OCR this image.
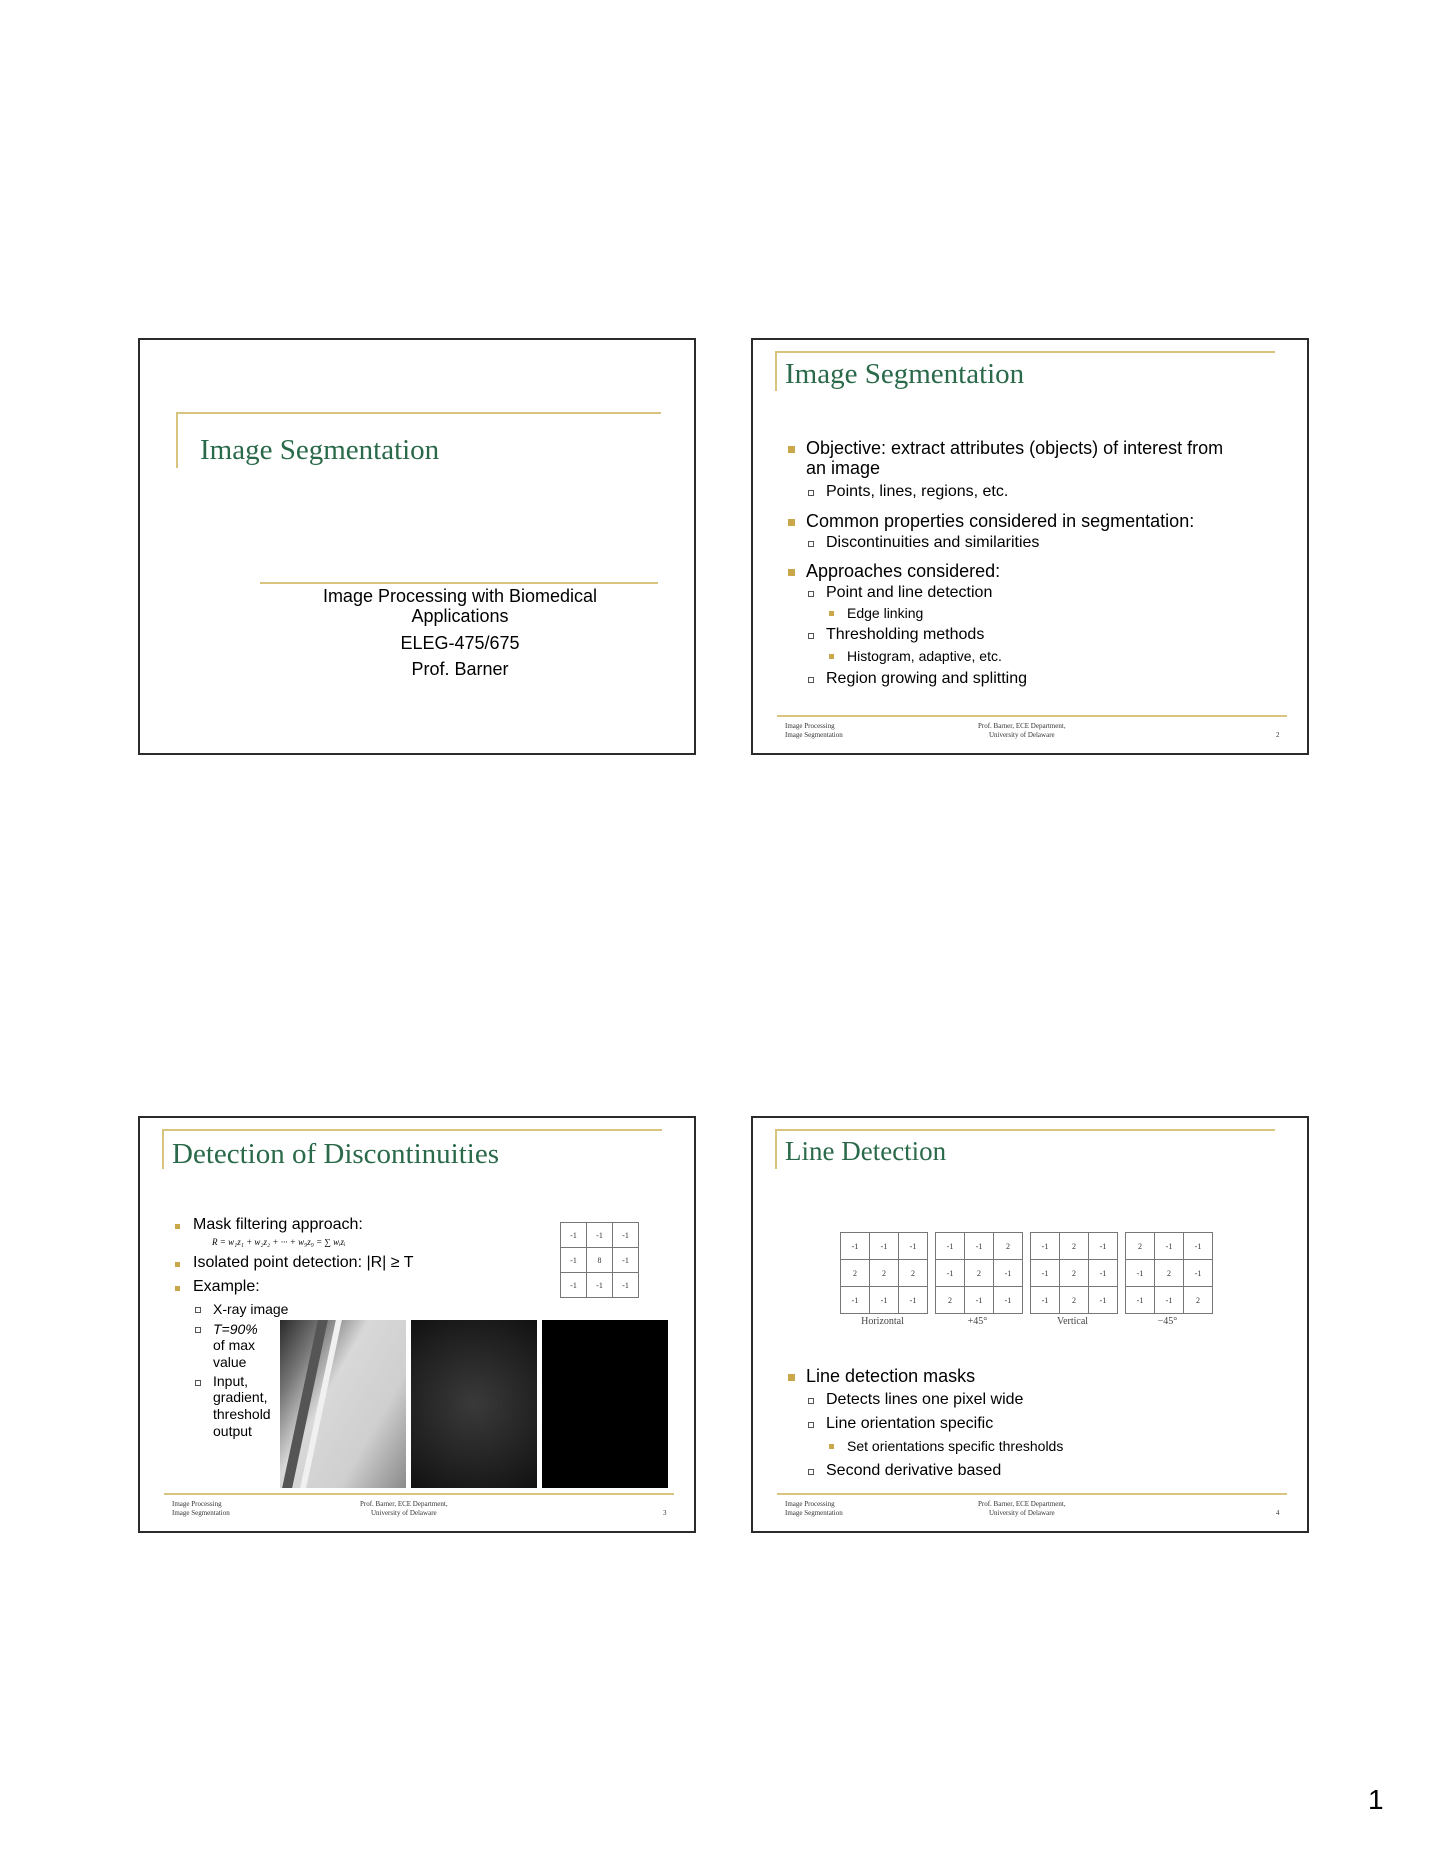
Image Segmentation
Image Processing with Biomedical
Applications
ELEG-475/675
Prof. Barner
Image Segmentation
Objective: extract attributes (objects) of interest from
an image
Points, lines, regions, etc.
Common properties considered in segmentation:
Discontinuities and similarities
Approaches considered:
Point and line detection
Edge linking
Thresholding methods
Histogram, adaptive, etc.
Region growing and splitting
Image Processing
Image Segmentation
Prof. Barner, ECE Department,
University of Delaware	2
Detection of Discontinuities
Mask filtering approach:
R = w₁z₁ + w₂z₂ + ··· + w₉z₉ = ∑ wᵢzᵢ
Isolated point detection: |R| ≥ T
Example:
X-ray image
T=90%
of max
value
Input,
gradient,
threshold
output
-1	-1	-1
-1	8	-1
-1	-1	-1
Image Processing
Image Segmentation
Prof. Barner, ECE Department,
University of Delaware	3
Line Detection
-1	-1	-1
2	2	2
-1	-1	-1
Horizontal
-1	-1	2
-1	2	-1
2	-1	-1
+45°
-1	2	-1
-1	2	-1
-1	2	-1
Vertical
2	-1	-1
-1	2	-1
-1	-1	2
−45°
Line detection masks
Detects lines one pixel wide
Line orientation specific
Set orientations specific thresholds
Second derivative based
Image Processing
Image Segmentation
Prof. Barner, ECE Department,
University of Delaware	4
1
